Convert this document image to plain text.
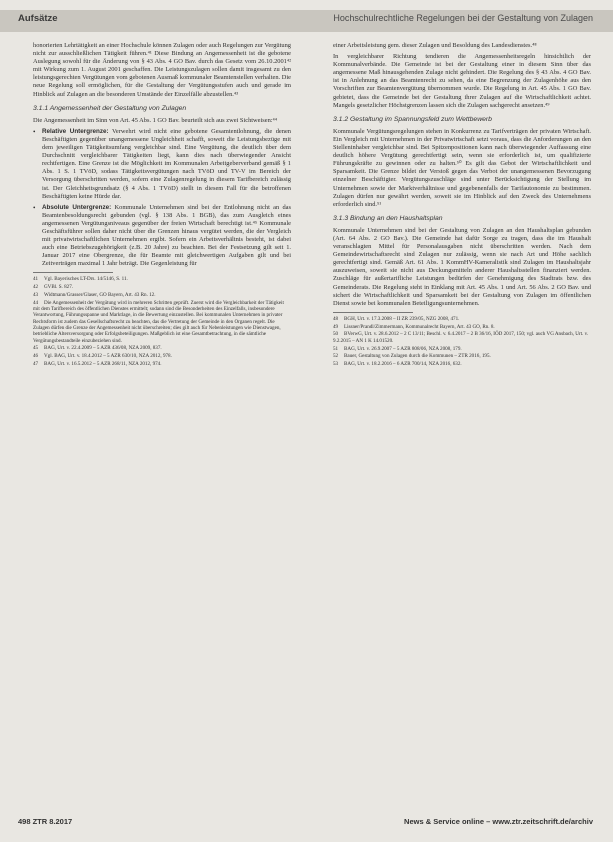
Aufsätze	Hochschulrechtliche Regelungen bei der Gestaltung von Zulagen

honorierten Lehrtätigkeit an einer Hochschule können Zulagen oder auch Regelungen zur Vergütung nicht zur ausschließlichen Tätigkeit führen.⁴¹ Diese Bindung an Angemessenheit ist die gebotene Auslegung sowohl für die Änderung von § 43 Abs. 4 GO Bav. durch das Gesetz vom 26.10.2001⁴² mit Wirkung zum 1. August 2001 geschaffen. Die Leistungszulagen sollen damit insgesamt zu den leistungsgerechten Vergütungen vom gebotenen Ausmaß kommunaler Beamtenstellen verhalten. Die neue Regelung soll ermöglichen, für die Gestaltung der Vergütungsstufen auch und gerade im Hinblick auf Zulagen an die besonderen Umstände der Einzelfälle abzustellen.⁴³

3.1.1 Angemessenheit der Gestaltung von Zulagen

Die Angemessenheit im Sinn von Art. 45 Abs. 1 GO Bav. beurteilt sich aus zwei Sichtweisen:⁴⁴

• Relative Untergrenze: Verwehrt wird nicht eine gebotene Gesamtentlohnung, die denen Beschäftigten gegenüber unangemessene Ungleichheit schafft, soweit die Leistungsbezüge mit dem jeweiligen Tätigkeitsumfang vergleichbar sind. Eine Vergütung, die deutlich über dem Durchschnitt vergleichbarer Tätigkeiten liegt, kann dies nach überwiegender Ansicht rechtfertigen. Eine Grenze ist die Möglichkeit im Kommunalen Arbeitgeberverband gemäß § 1 Abs. 1 S. 1 TVöD, sodass Tätigkeitsvergütungen nach TVöD und TV-V im Bereich der Versorgung überschritten werden, sofern eine Zulagenregelung in diesem Tarifbereich zulässig ist. Der Gleichheitsgrundsatz (§ 4 Abs. 1 TVöD) stellt in diesem Fall für die betroffenen Beschäftigten keine Hürde dar.
• Absolute Untergrenze: Kommunale Unternehmen sind bei der Entlohnung nicht an das Beamtenbesoldungsrecht gebunden (vgl. § 138 Abs. 1 BGB), das zum Ausgleich eines angemessenen Vergütungsniveaus gegenüber der freien Wirtschaft berechtigt ist.⁴⁵ Kommunale Geschäftsführer sollen daher nicht über die Grenzen hinaus vergütet werden, die der Vergleich mit privatwirtschaftlichen Unternehmen ergibt. Sofern ein Arbeitsverhältnis besteht, ist dabei auch eine Betriebszugehörigkeit (z.B. 20 Jahre) zu beachten. Bei der Festsetzung gilt seit 1. Januar 2017 eine Obergrenze, die für Beamte mit gleichwertigen Aufgaben gilt und bei Zeitverträgen maximal 1 Jahr beträgt. Die Gegenleistung für
41 Vgl. Bayerisches LT-Drs. 14/5146, S. 11.
42 GVBl. S. 827.
43 Widtmann/Grasser/Glaser, GO Bayern, Art. 43 Rn. 12.
44 Die Angemessenheit der Vergütung wird in mehreren Schritten geprüft. Zuerst wird die Vergleichbarkeit der Tätigkeit mit dem Tarifbereich des öffentlichen Dienstes ermittelt; sodann sind die Besonderheiten des Einzelfalls, insbesondere Verantwortung, Führungsspanne und Marktlage, in die Bewertung einzustellen. Bei kommunalen Unternehmen in privater Rechtsform ist zudem das Gesellschaftsrecht zu beachten, das die Vertretung der Gemeinde in den Organen regelt. Die Zulagen dürfen die Grenze der Angemessenheit nicht überschreiten; dies gilt auch für Nebenleistungen wie Dienstwagen, betriebliche Altersversorgung oder Erfolgsbeteiligungen. Maßgeblich ist eine Gesamtbetrachtung, in die sämtliche Vergütungsbestandteile einzubeziehen sind.
45 BAG, Urt. v. 22.4.2009 – 5 AZR 436/08, NZA 2009, 837.
46 Vgl. BAG, Urt. v. 18.4.2012 – 5 AZR 630/10, NZA 2012, 978.
47 BAG, Urt. v. 16.5.2012 – 5 AZR 268/11, NZA 2012, 974.

einer Arbeitsleistung gem. dieser Zulagen und Besoldung des Landesdienstes.⁴⁸

In vergleichbarer Richtung tendieren die Angemessenheitsregeln hinsichtlich der Kommunalverbände. Die Gemeinde ist bei der Gestaltung einer in diesem Sinn über das angemessene Maß hinausgehenden Zulage nicht gehindert. Die Regelung des § 43 Abs. 4 GO Bav. ist in Anlehnung an das Beamtenrecht zu sehen, da eine Begrenzung der Zulagenhöhe aus den Vorschriften zur Beamtenvergütung übernommen wurde. Die Regelung in Art. 45 Abs. 1 GO Bav. gebietet, dass die Gemeinde bei der Gestaltung ihrer Zulagen auf die Wirtschaftlichkeit achtet. Mangels gesetzlicher Höchstgrenzen lassen sich die Zulagen sachgerecht ansetzen.⁴⁹

3.1.2 Gestaltung im Spannungsfeld zum Wettbewerb

Kommunale Vergütungsregelungen stehen in Konkurrenz zu Tarifverträgen der privaten Wirtschaft. Ein Vergleich mit Unternehmen in der Privatwirtschaft setzt voraus, dass die Anforderungen an den Stelleninhaber vergleichbar sind. Bei Spitzenpositionen kann nach überwiegender Auffassung eine deutlich höhere Vergütung gerechtfertigt sein, wenn sie erforderlich ist, um qualifizierte Führungskräfte zu gewinnen oder zu halten.⁵⁰ Es gilt das Gebot der Wirtschaftlichkeit und Sparsamkeit. Die Grenze bildet der Verstoß gegen das Verbot der unangemessenen Bevorzugung einzelner Beschäftigter. Vergütungszuschläge sind unter Berücksichtigung der Stellung im Unternehmen sowie der Marktverhältnisse und gegebenenfalls der Tarifautonomie zu bestimmen. Zulagen dürfen nur gewährt werden, soweit sie im Hinblick auf den Zweck des Unternehmens erforderlich sind.⁵¹

3.1.3 Bindung an den Haushaltsplan

Kommunale Unternehmen sind bei der Gestaltung von Zulagen an den Haushaltsplan gebunden (Art. 64 Abs. 2 GO Bav.). Die Gemeinde hat dafür Sorge zu tragen, dass die im Haushalt veranschlagten Mittel für Personalausgaben nicht überschritten werden. Nach dem Gemeindewirtschaftsrecht sind Zulagen nur zulässig, wenn sie nach Art und Höhe sachlich gerechtfertigt sind. Gemäß Art. 61 Abs. 1 KommHV-Kameralistik sind Zulagen im Haushaltsjahr auszuweisen, soweit sie nicht aus Deckungsmitteln anderer Haushaltsstellen finanziert werden. Zuschläge für außertarifliche Leistungen bedürfen der Genehmigung des Stadtrats bzw. des Gemeinderats. Die Regelung steht in Einklang mit Art. 45 Abs. 1 und Art. 56 Abs. 2 GO Bav. und sichert die Wirtschaftlichkeit und Sparsamkeit bei der Gestaltung von Zulagen im öffentlichen Dienst sowie bei kommunalen Beteiligungsunternehmen.

48 BGH, Urt. v. 17.3.2008 – II ZR 239/05, NZG 2008, 471.
49 Lissner/Prandl/Zimmermann, Kommunalrecht Bayern, Art. 43 GO, Rn. 8.
50 BVerwG, Urt. v. 28.6.2012 – 2 C 13/11; Beschl. v. 6.4.2017 – 2 B 36/16, IÖD 2017, 150; vgl. auch VG Ansbach, Urt. v. 9.2.2015 – AN 1 K 14.01520.
51 BAG, Urt. v. 26.9.2007 – 5 AZR 808/06, NZA 2008, 179.
52 Bauer, Gestaltung von Zulagen durch die Kommunen – ZTR 2016, 195.
53 BAG, Urt. v. 18.2.2016 – 6 AZR 700/14, NZA 2016, 632.
498 ZTR 8.2017	News & Service online – www.ztr.zeitschrift.de/archiv
